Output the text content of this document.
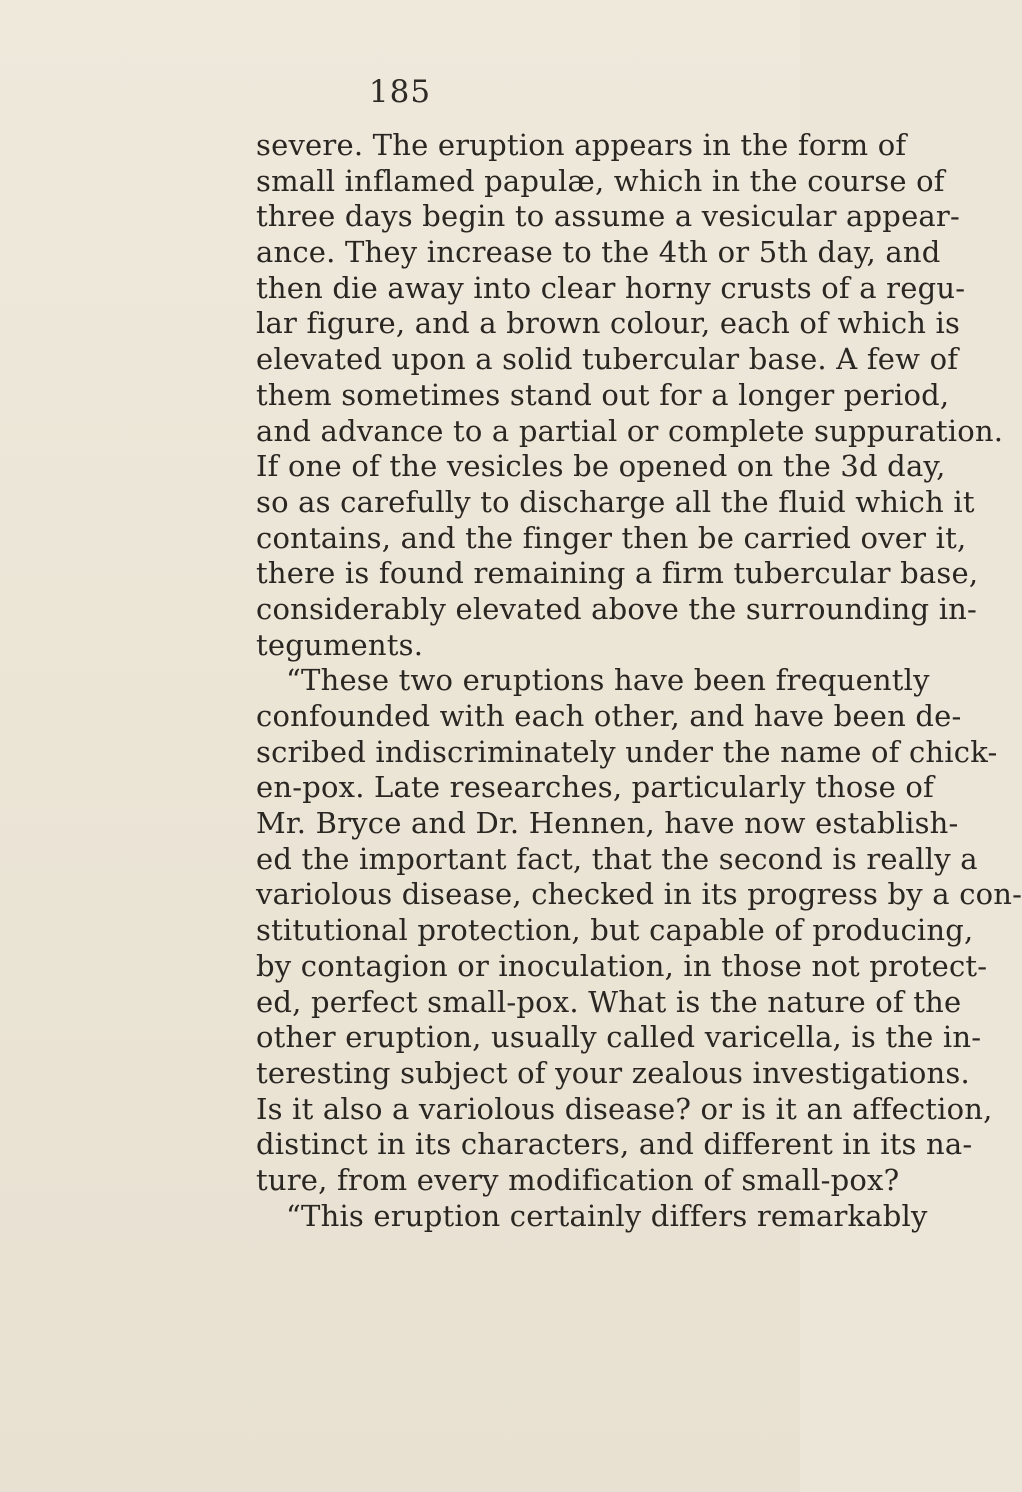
185
severe. The eruption appears in the form of
small inflamed papulæ, which in the course of
three days begin to assume a vesicular appear-
ance. They increase to the 4th or 5th day, and
then die away into clear horny crusts of a regu-
lar figure, and a brown colour, each of which is
elevated upon a solid tubercular base. A few of
them sometimes stand out for a longer period,
and advance to a partial or complete suppuration.
If one of the vesicles be opened on the 3d day,
so as carefully to discharge all the fluid which it
contains, and the finger then be carried over it,
there is found remaining a firm tubercular base,
considerably elevated above the surrounding in-
teguments.
“These two eruptions have been frequently
confounded with each other, and have been de-
scribed indiscriminately under the name of chick-
en-pox. Late researches, particularly those of
Mr. Bryce and Dr. Hennen, have now establish-
ed the important fact, that the second is really a
variolous disease, checked in its progress by a con-
stitutional protection, but capable of producing,
by contagion or inoculation, in those not protect-
ed, perfect small-pox. What is the nature of the
other eruption, usually called varicella, is the in-
teresting subject of your zealous investigations.
Is it also a variolous disease? or is it an affection,
distinct in its characters, and different in its na-
ture, from every modification of small-pox?
“This eruption certainly differs remarkably
